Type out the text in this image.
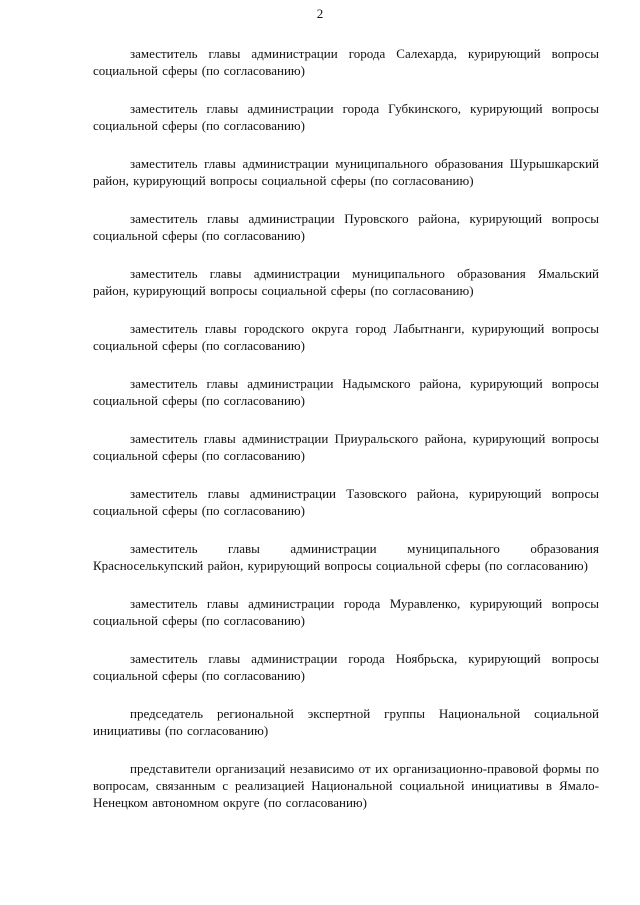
2

заместитель главы администрации города Салехарда, курирующий вопросы социальной сферы (по согласованию)

заместитель главы администрации города Губкинского, курирующий вопросы социальной сферы (по согласованию)

заместитель главы администрации муниципального образования Шурышкарский район, курирующий вопросы социальной сферы (по согласованию)

заместитель главы администрации Пуровского района, курирующий вопросы социальной сферы (по согласованию)

заместитель главы администрации муниципального образования Ямальский район, курирующий вопросы социальной сферы (по согласованию)

заместитель главы городского округа город Лабытнанги, курирующий вопросы социальной сферы (по согласованию)

заместитель главы администрации Надымского района, курирующий вопросы социальной сферы (по согласованию)

заместитель главы администрации Приуральского района, курирующий вопросы социальной сферы (по согласованию)

заместитель главы администрации Тазовского района, курирующий вопросы социальной сферы (по согласованию)

заместитель главы администрации муниципального образования Красноселькупский район, курирующий вопросы социальной сферы (по согласованию)

заместитель главы администрации города Муравленко, курирующий вопросы социальной сферы (по согласованию)

заместитель главы администрации города Ноябрьска, курирующий вопросы социальной сферы (по согласованию)

председатель региональной экспертной группы Национальной социальной инициативы (по согласованию)

представители организаций независимо от их организационно-правовой формы по вопросам, связанным с реализацией Национальной социальной инициативы в Ямало-Ненецком автономном округе (по согласованию)
